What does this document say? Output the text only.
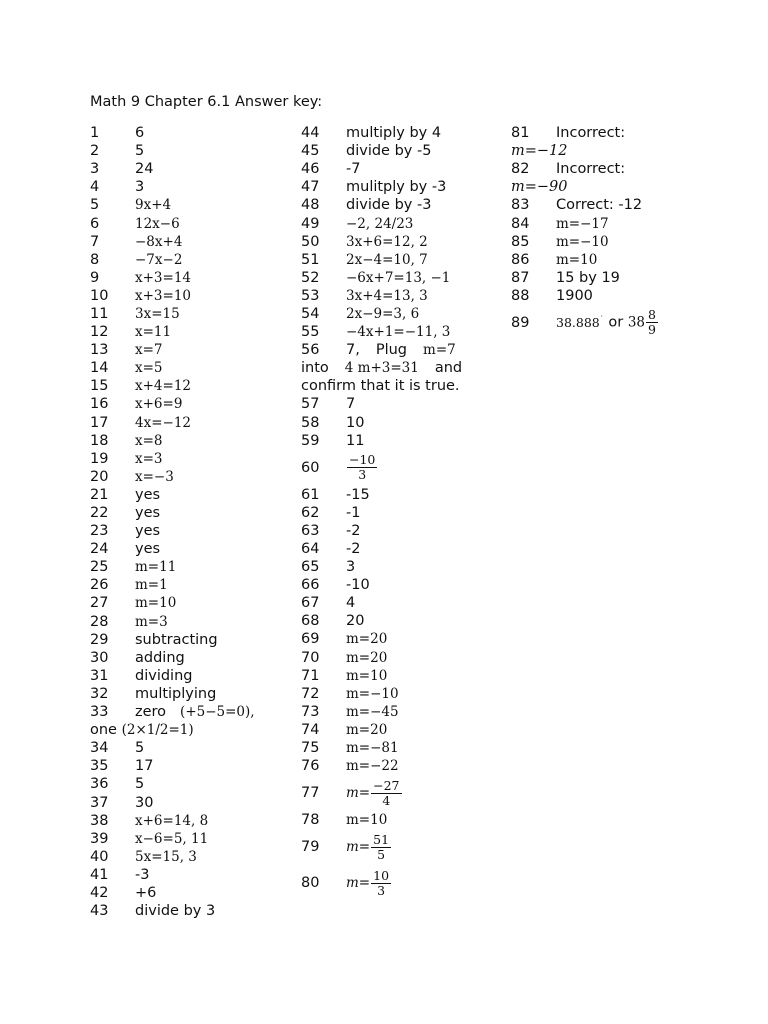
Math 9 Chapter 6.1 Answer key:
1	6
2	5
3	24
4	3
5	9x+4
6	12x−6
7	−8x+4
8	−7x−2
9	x+3=14
10	x+3=10
11	3x=15
12	x=11
13	x=7
14	x=5
15	x+4=12
16	x+6=9
17	4x=−12
18	x=8
19	x=3
20	x=−3
21	yes
22	yes
23	yes
24	yes
25	m=11
26	m=1
27	m=10
28	m=3
29	subtracting
30	adding
31	dividing
32	multiplying
33	zero (+5−5=0),
one (2×1/2=1)
34	5
35	17
36	5
37	30
38	x+6=14, 8
39	x−6=5, 11
40	5x=15, 3
41	-3
42	+6
43	divide by 3
44	multiply by 4
45	divide by -5
46	-7
47	mulitply by -3
48	divide by -3
49	−2, 24/23
50	3x+6=12, 2
51	2x−4=10, 7
52	−6x+7=13, −1
53	3x+4=13, 3
54	2x−9=3, 6
55	−4x+1=−11, 3
56	7, Plug m=7
into 4 m+3=31 and
confirm that it is true.
57	7
58	10
59	11
60	$\frac{-10}{3}$
61	-15
62	-1
63	-2
64	-2
65	3
66	-10
67	4
68	20
69	m=20
70	m=20
71	m=10
72	m=−10
73	m=−45
74	m=20
75	m=−81
76	m=−22
77	$m= \frac{-27}{4}$
78	m=10
79	$m= \frac{51}{5}$
80	$m= \frac{10}{3}$
81	Incorrect:
m=−12
82	Incorrect:
m=−90
83	Correct: -12
84	m=−17
85	m=−10
86	m=10
87	15 by 19
88	1900
89	38.888˙ or $38 \frac{8}{9}$
